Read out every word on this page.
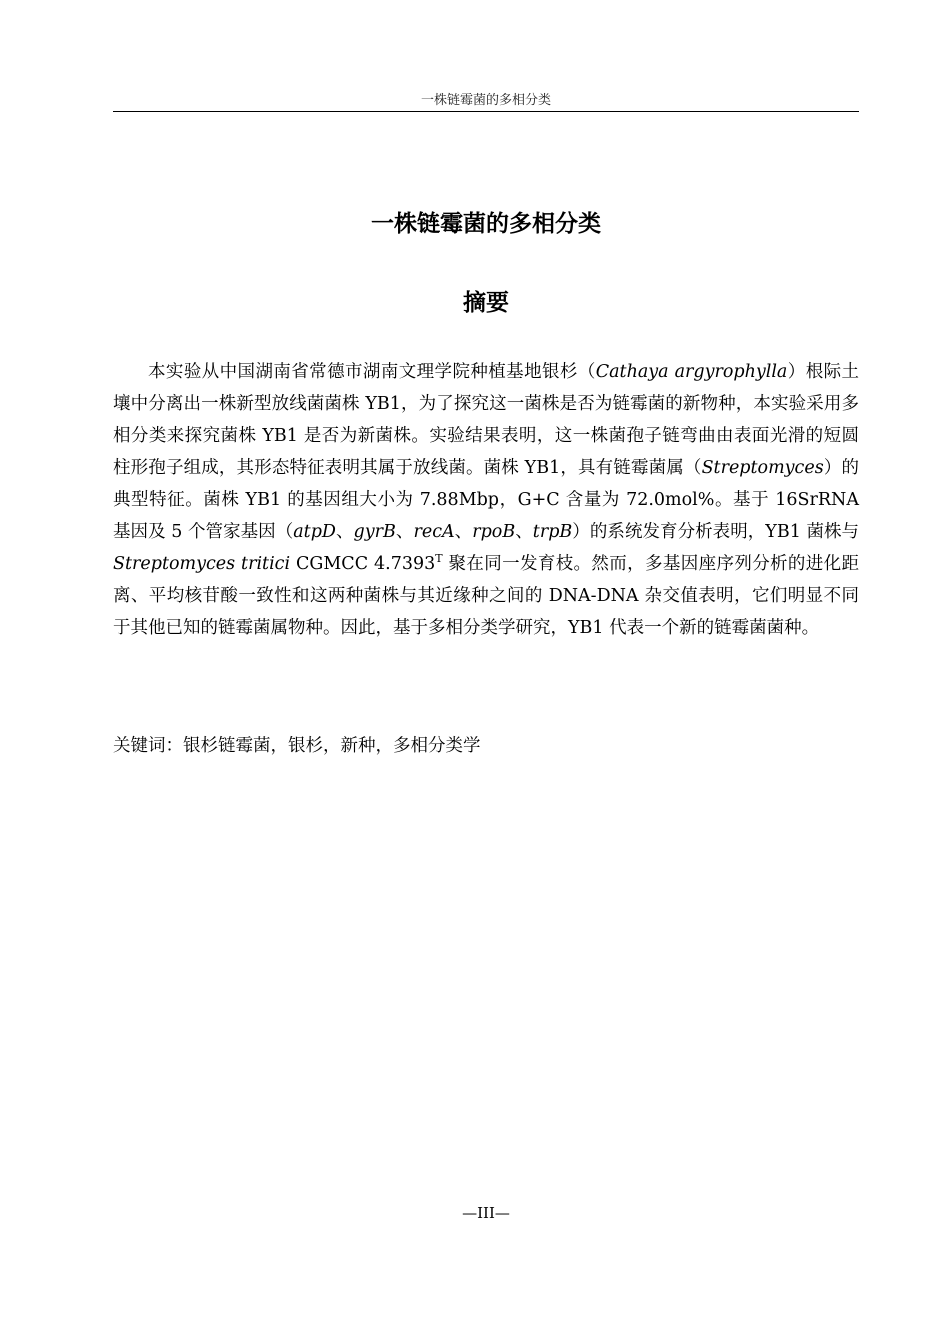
一株链霉菌的多相分类
一株链霉菌的多相分类
摘要

本实验从中国湖南省常德市湖南文理学院种植基地银杉（Cathaya argyrophylla）根际土壤中分离出一株新型放线菌菌株 YB1，为了探究这一菌株是否为链霉菌的新物种，本实验采用多相分类来探究菌株 YB1 是否为新菌株。实验结果表明，这一株菌孢子链弯曲由表面光滑的短圆柱形孢子组成，其形态特征表明其属于放线菌。菌株 YB1，具有链霉菌属（Streptomyces）的典型特征。菌株 YB1 的基因组大小为 7.88Mbp，G+C 含量为 72.0mol%。基于 16SrRNA 基因及 5 个管家基因（atpD、gyrB、recA、rpoB、trpB）的系统发育分析表明，YB1 菌株与 Streptomyces tritici CGMCC $4.7393^T$ 聚在同一发育枝。然而，多基因座序列分析的进化距离、平均核苷酸一致性和这两种菌株与其近缘种之间的 DNA-DNA 杂交值表明，它们明显不同于其他已知的链霉菌属物种。因此，基于多相分类学研究，YB1 代表一个新的链霉菌菌种。

关键词：银杉链霉菌，银杉，新种，多相分类学

—III—
